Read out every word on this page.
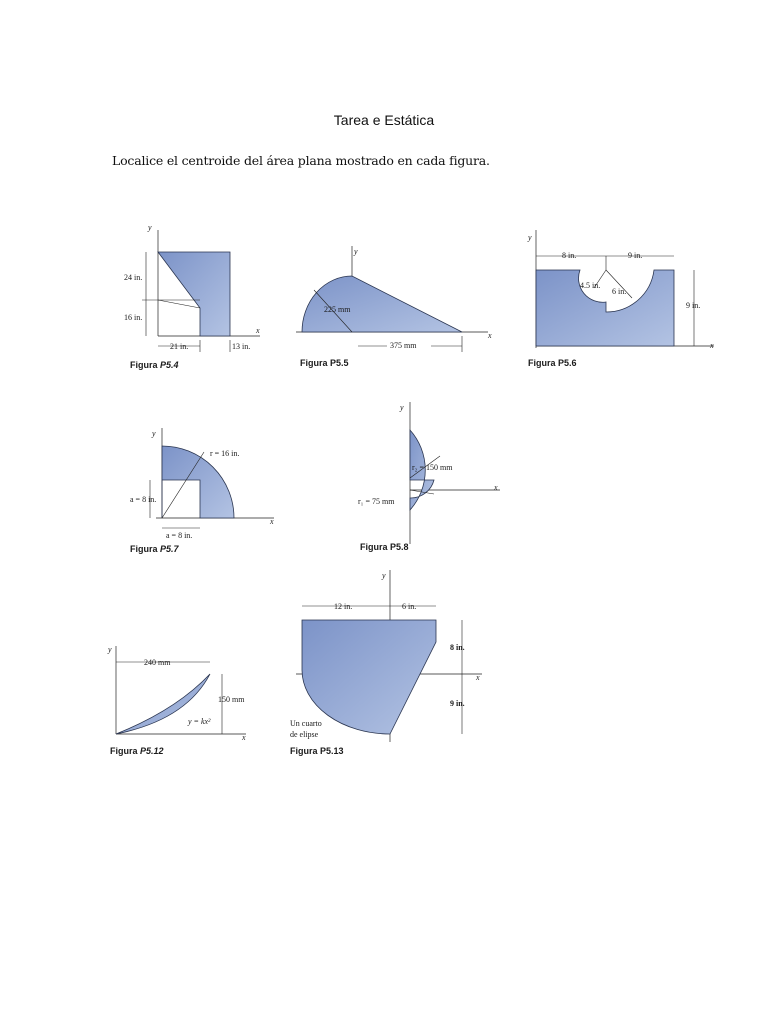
Tarea e Estática
Localice el centroide del área plana mostrado en cada figura.
y
x
24 in.
16 in.
21 in.	13 in.
Figura P5.4
y
x
225 mm
375 mm
Figura P5.5
y
x
8 in.	9 in.
4.5 in.
6 in.
9 in.
Figura P5.6
y
x
r = 16 in.
a = 8 in.
a = 8 in.
Figura P5.7
y
x
r₂ = 150 mm
r₁ = 75 mm
Figura P5.8
y
x
240 mm
150 mm
y = kx²
Figura P5.12
y
x
12 in.	6 in.
8 in.
9 in.
Un cuarto
de elipse
Figura P5.13
